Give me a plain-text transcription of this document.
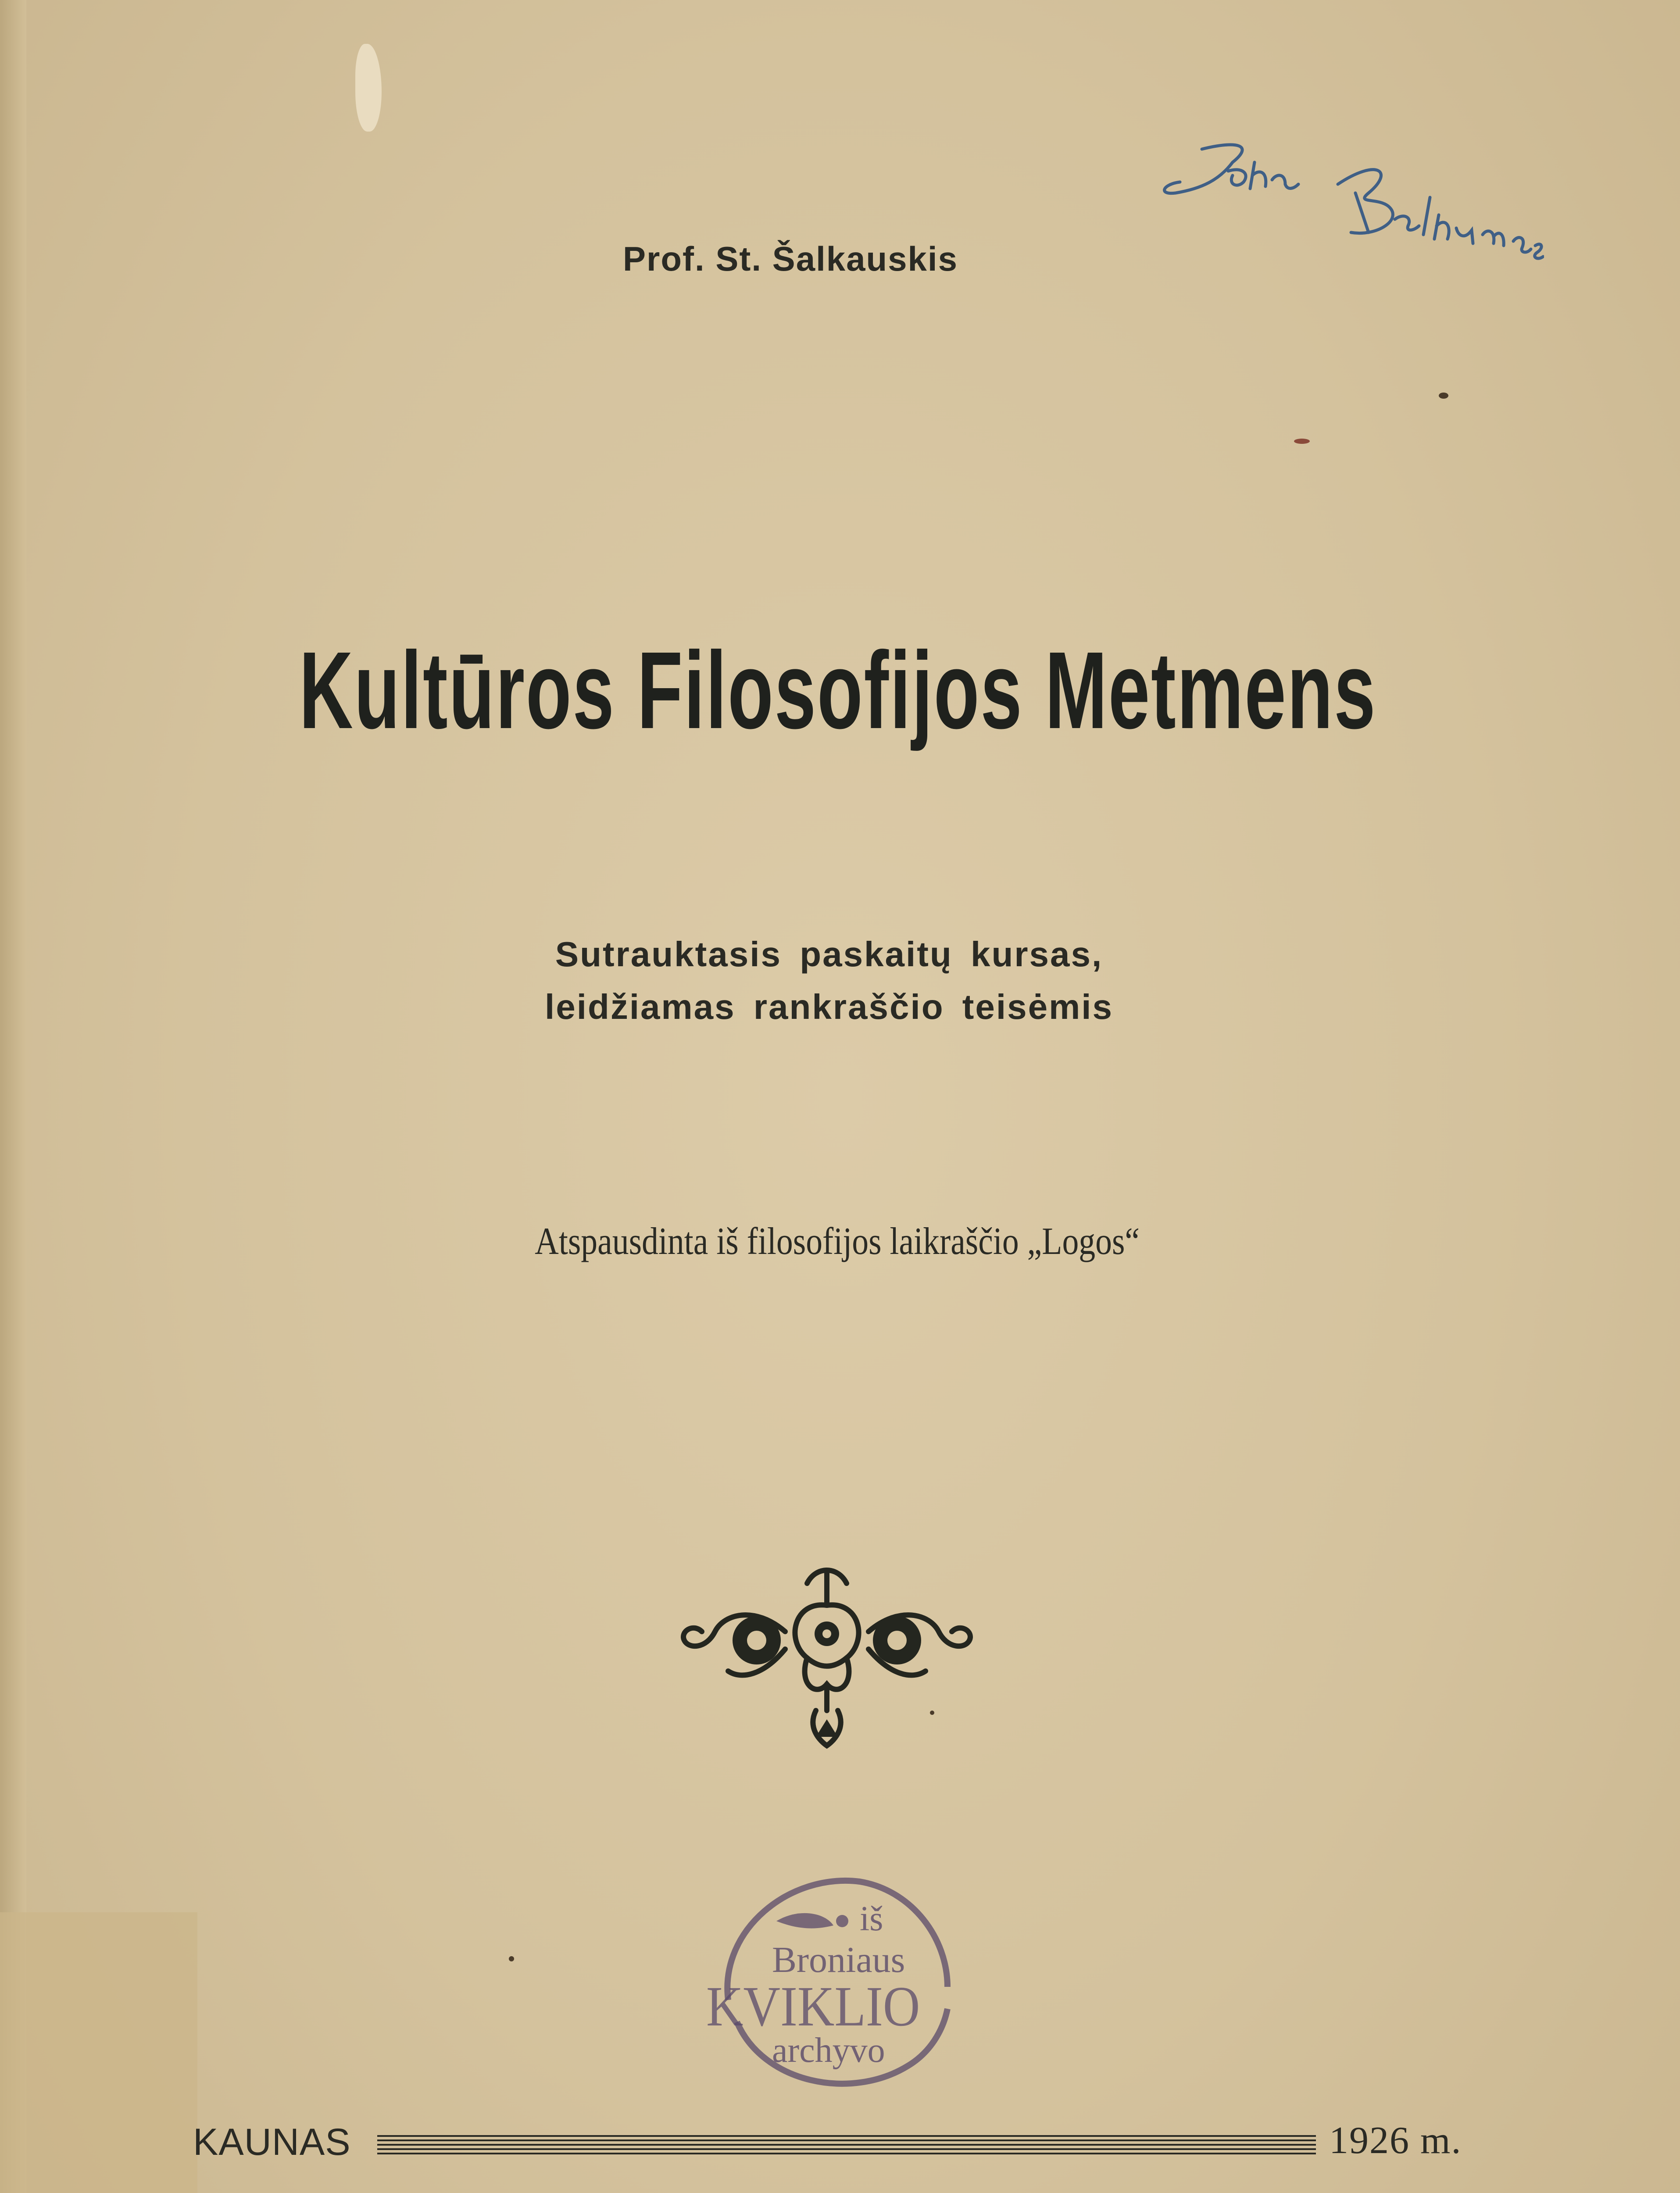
Prof. St. Šalkauskis
Kultūros Filosofijos Metmens
Sutrauktasis paskaitų kursas,
leidžiamas rankraščio teisėmis
Atspausdinta iš filosofijos laikraščio „Logos“
iš
Broniaus
KVIKLIO
archyvo
KAUNAS	1926 m.
